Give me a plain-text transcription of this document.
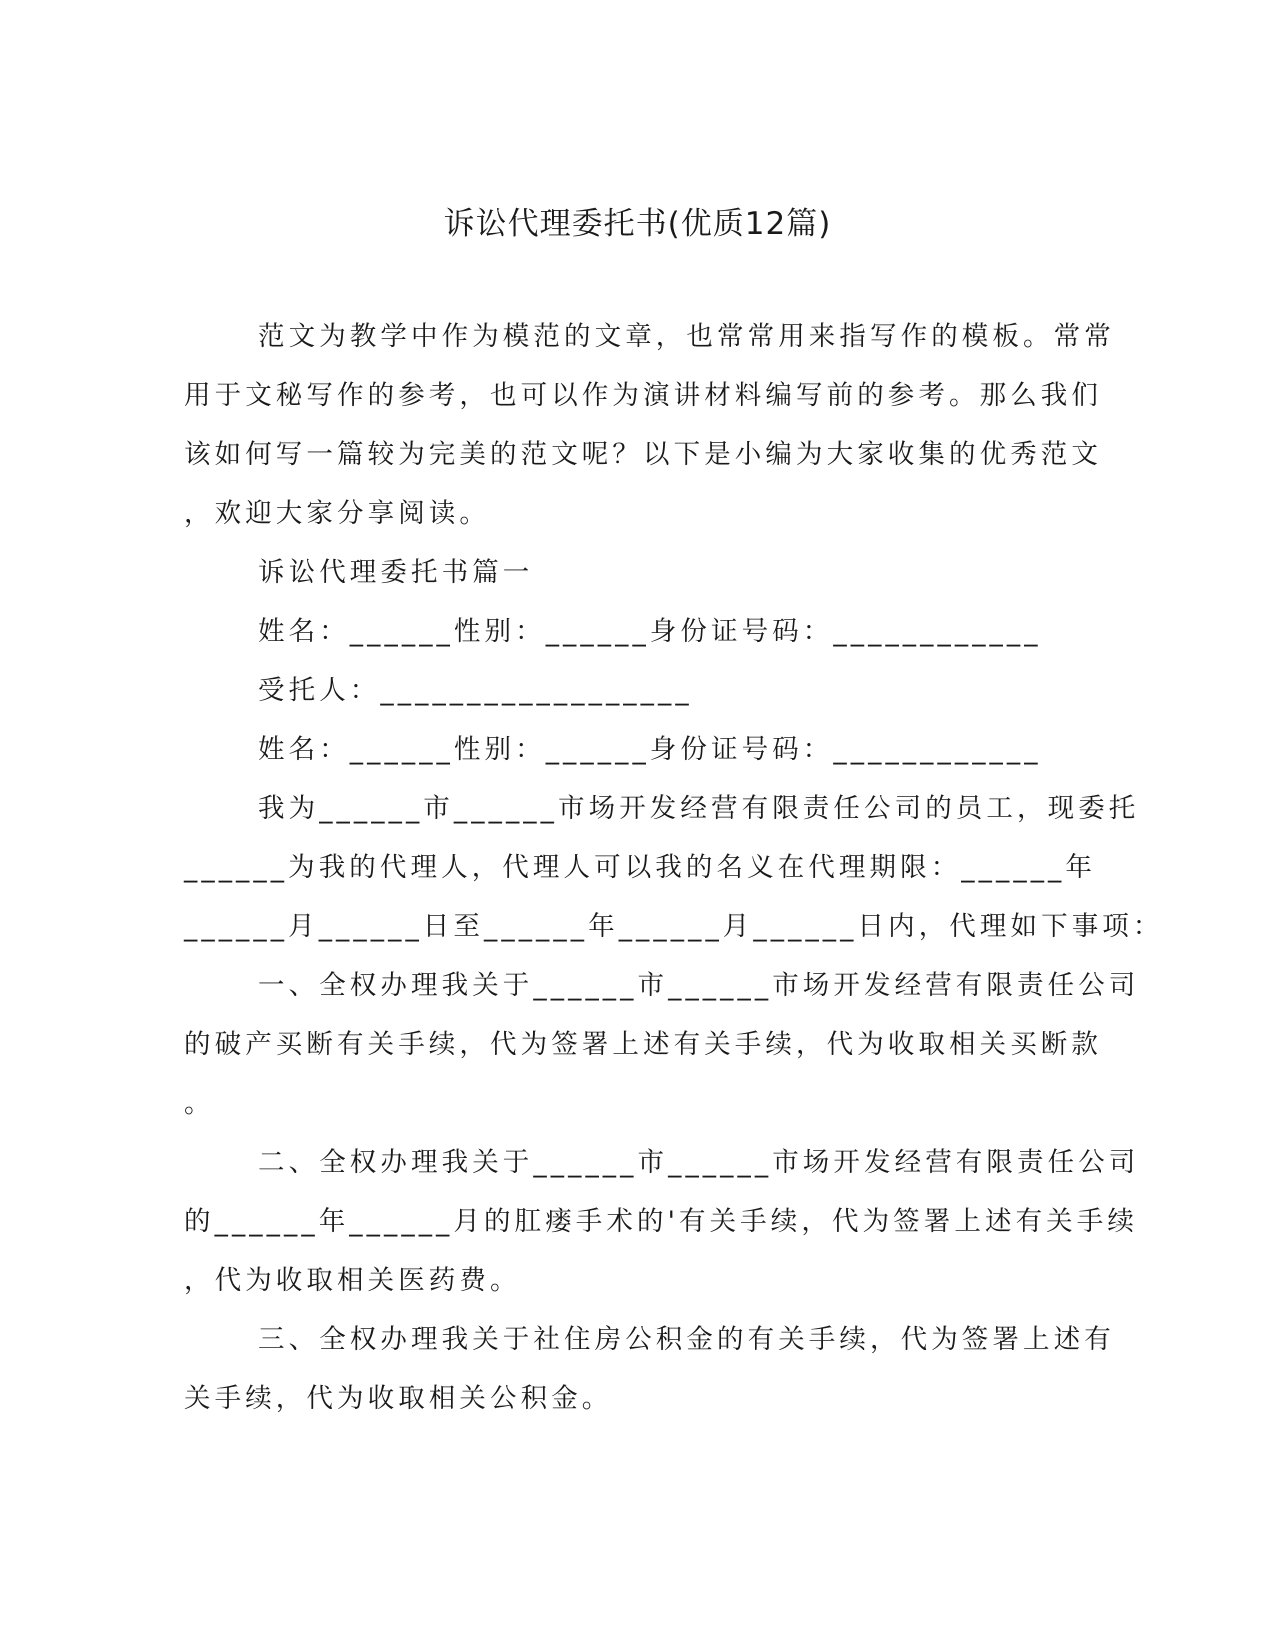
诉讼代理委托书(优质12篇)
范文为教学中作为模范的文章，也常常用来指写作的模板。常常
用于文秘写作的参考，也可以作为演讲材料编写前的参考。那么我们
该如何写一篇较为完美的范文呢？以下是小编为大家收集的优秀范文
，欢迎大家分享阅读。
诉讼代理委托书篇一
姓名：______性别：______身份证号码：____________
受托人：__________________
姓名：______性别：______身份证号码：____________
我为______市______市场开发经营有限责任公司的员工，现委托
______为我的代理人，代理人可以我的名义在代理期限：______年
______月______日至______年______月______日内，代理如下事项：
一、全权办理我关于______市______市场开发经营有限责任公司
的破产买断有关手续，代为签署上述有关手续，代为收取相关买断款
。
二、全权办理我关于______市______市场开发经营有限责任公司
的______年______月的肛瘘手术的'有关手续，代为签署上述有关手续
，代为收取相关医药费。
三、全权办理我关于社住房公积金的有关手续，代为签署上述有
关手续，代为收取相关公积金。
